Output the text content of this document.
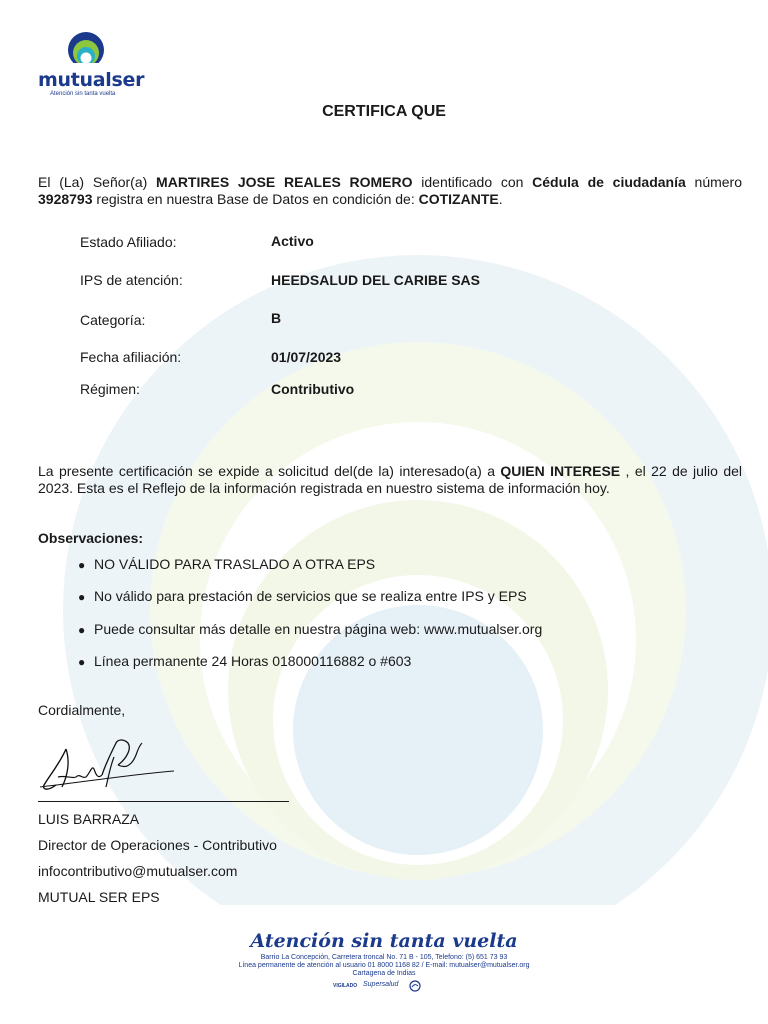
mutualser
Atención sin tanta vuelta
CERTIFICA QUE
El (La) Señor(a) MARTIRES JOSE REALES ROMERO identificado con Cédula de ciudadanía número 3928793 registra en nuestra Base de Datos en condición de: COTIZANTE.
Estado Afiliado:	Activo
IPS de atención:	HEEDSALUD DEL CARIBE SAS
Categoría:	B
Fecha afiliación:	01/07/2023
Régimen:	Contributivo
La presente certificación se expide a solicitud del(de la) interesado(a) a QUIEN INTERESE , el 22 de julio del 2023. Esta es el Reflejo de la información registrada en nuestro sistema de información hoy.
Observaciones:
● NO VÁLIDO PARA TRASLADO A OTRA EPS
● No válido para prestación de servicios que se realiza entre IPS y EPS
● Puede consultar más detalle en nuestra página web: www.mutualser.org
● Línea permanente 24 Horas 018000116882 o #603
Cordialmente,
LUIS BARRAZA
Director de Operaciones - Contributivo
infocontributivo@mutualser.com
MUTUAL SER EPS
Atención sin tanta vuelta
Barrio La Concepción, Carretera troncal No. 71 B - 105, Telefono: (5) 651 73 93
Línea permanente de atención al usuario 01 8000 1168 82 / E-mail: mutualser@mutualser.org
Cartagena de Indias
VIGILADO Supersalud
